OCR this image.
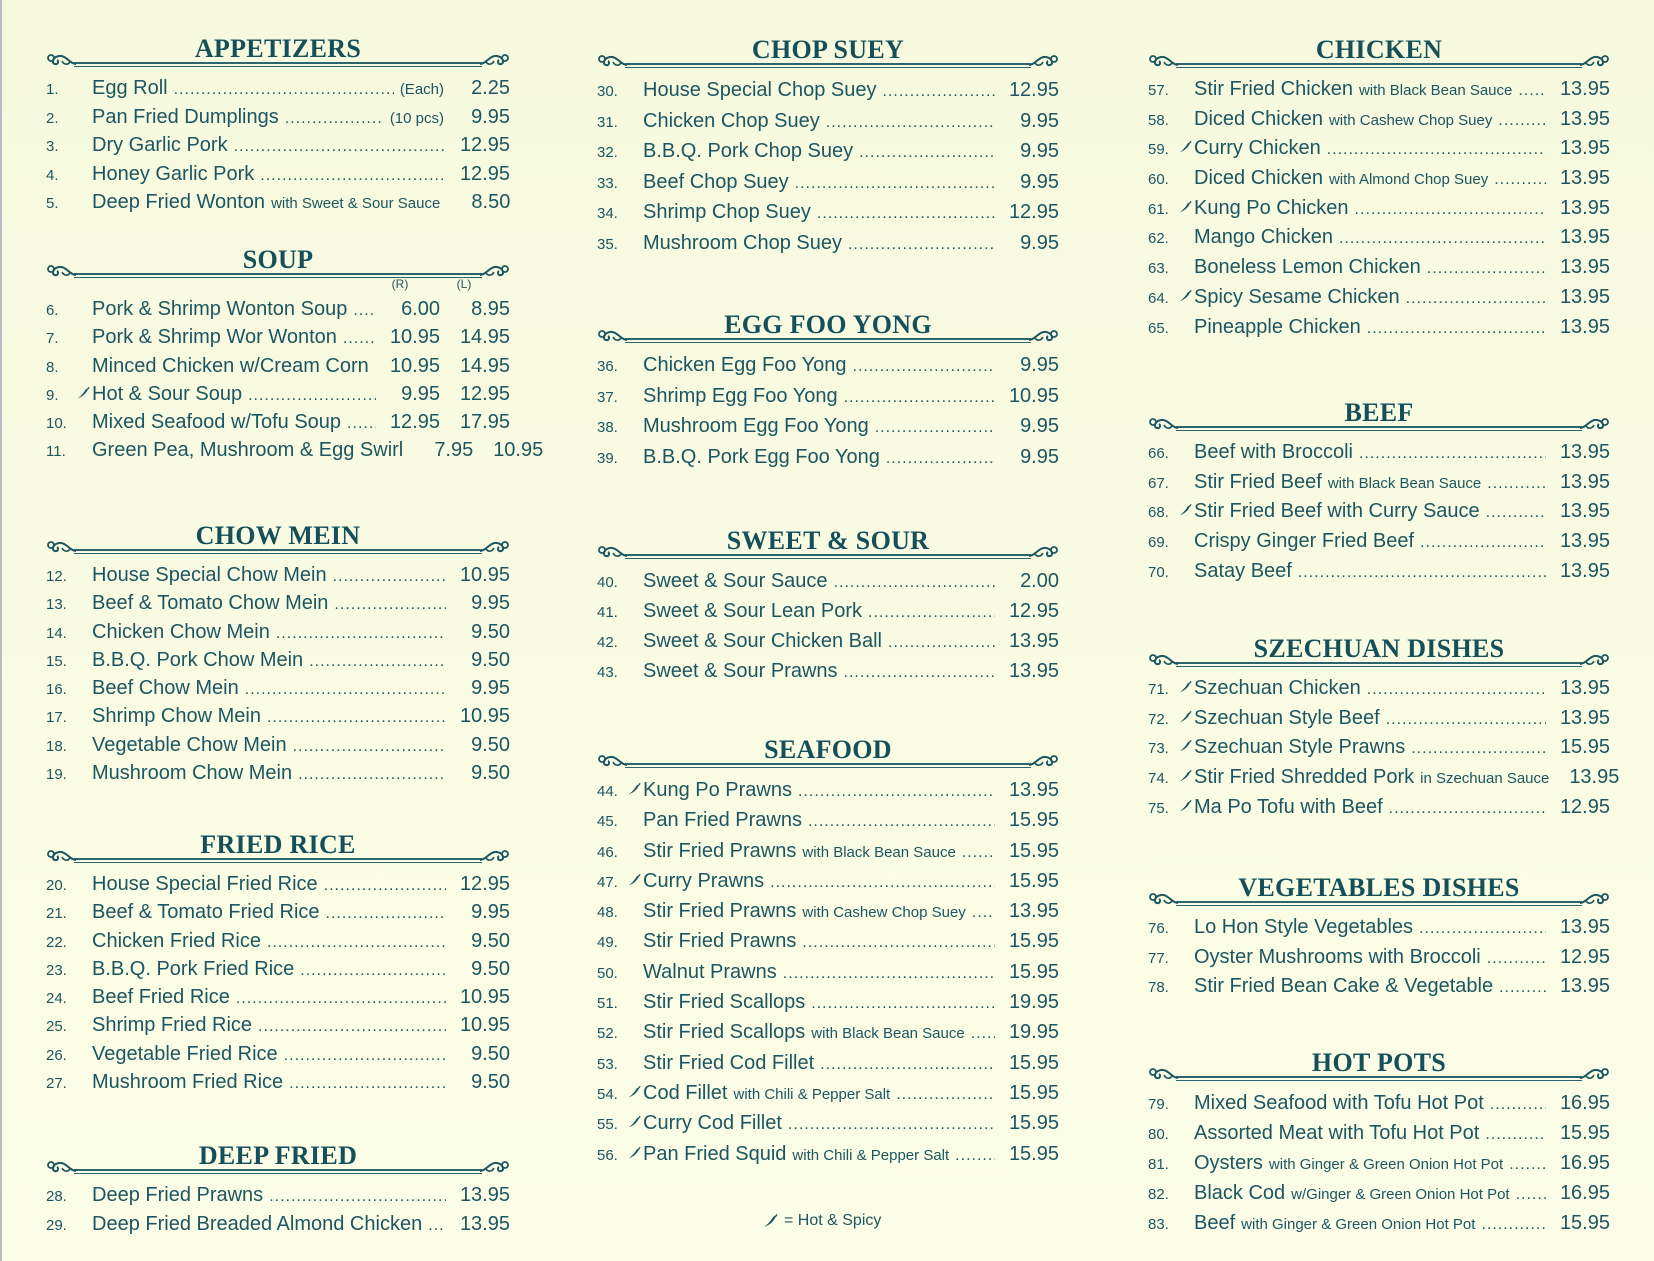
APPETIZERS
1.	Egg Roll .....	(Each)	2.25
2.	Pan Fried Dumplings .....	(10 pcs)	9.95
3.	Dry Garlic Pork .....	12.95
4.	Honey Garlic Pork .....	12.95
5.	Deep Fried Wonton with Sweet & Sour Sauce	8.50
SOUP
(R)	(L)
6.	Pork & Shrimp Wonton Soup .....	6.00	8.95
7.	Pork & Shrimp Wor Wonton .....	10.95 14.95
8.	Minced Chicken w/Cream Corn .....	10.95 14.95
9.	Hot & Sour Soup .....	9.95 12.95
10.	Mixed Seafood w/Tofu Soup .....	12.95 17.95
11.	Green Pea, Mushroom & Egg Swirl	7.95 10.95
CHOW MEIN
12.	House Special Chow Mein .....	10.95
13.	Beef & Tomato Chow Mein .....	9.95
14.	Chicken Chow Mein .....	9.50
15.	B.B.Q. Pork Chow Mein .....	9.50
16.	Beef Chow Mein .....	9.95
17.	Shrimp Chow Mein .....	10.95
18.	Vegetable Chow Mein .....	9.50
19.	Mushroom Chow Mein .....	9.50
FRIED RICE
20.	House Special Fried Rice .....	12.95
21.	Beef & Tomato Fried Rice .....	9.95
22.	Chicken Fried Rice .....	9.50
23.	B.B.Q. Pork Fried Rice .....	9.50
24.	Beef Fried Rice .....	10.95
25.	Shrimp Fried Rice .....	10.95
26.	Vegetable Fried Rice .....	9.50
27.	Mushroom Fried Rice .....	9.50
DEEP FRIED
28.	Deep Fried Prawns .....	13.95
29.	Deep Fried Breaded Almond Chicken .....	13.95
CHOP SUEY
30.	House Special Chop Suey .....	12.95
31.	Chicken Chop Suey .....	9.95
32.	B.B.Q. Pork Chop Suey .....	9.95
33.	Beef Chop Suey .....	9.95
34.	Shrimp Chop Suey .....	12.95
35.	Mushroom Chop Suey .....	9.95
EGG FOO YONG
36.	Chicken Egg Foo Yong .....	9.95
37.	Shrimp Egg Foo Yong .....	10.95
38.	Mushroom Egg Foo Yong .....	9.95
39.	B.B.Q. Pork Egg Foo Yong .....	9.95
SWEET & SOUR
40.	Sweet & Sour Sauce .....	2.00
41.	Sweet & Sour Lean Pork .....	12.95
42.	Sweet & Sour Chicken Ball .....	13.95
43.	Sweet & Sour Prawns .....	13.95
SEAFOOD
44.	Kung Po Prawns .....	13.95
45.	Pan Fried Prawns .....	15.95
46.	Stir Fried Prawns with Black Bean Sauce .....	15.95
47.	Curry Prawns .....	15.95
48.	Stir Fried Prawns with Cashew Chop Suey .....	13.95
49.	Stir Fried Prawns .....	15.95
50.	Walnut Prawns .....	15.95
51.	Stir Fried Scallops .....	19.95
52.	Stir Fried Scallops with Black Bean Sauce .....	19.95
53.	Stir Fried Cod Fillet .....	15.95
54.	Cod Fillet with Chili & Pepper Salt .....	15.95
55.	Curry Cod Fillet .....	15.95
56.	Pan Fried Squid with Chili & Pepper Salt .....	15.95
CHICKEN
57.	Stir Fried Chicken with Black Bean Sauce .....	13.95
58.	Diced Chicken with Cashew Chop Suey .....	13.95
59.	Curry Chicken .....	13.95
60.	Diced Chicken with Almond Chop Suey .....	13.95
61.	Kung Po Chicken .....	13.95
62.	Mango Chicken .....	13.95
63.	Boneless Lemon Chicken .....	13.95
64.	Spicy Sesame Chicken .....	13.95
65.	Pineapple Chicken .....	13.95
BEEF
66.	Beef with Broccoli .....	13.95
67.	Stir Fried Beef with Black Bean Sauce .....	13.95
68.	Stir Fried Beef with Curry Sauce .....	13.95
69.	Crispy Ginger Fried Beef .....	13.95
70.	Satay Beef .....	13.95
SZECHUAN DISHES
71.	Szechuan Chicken .....	13.95
72.	Szechuan Style Beef .....	13.95
73.	Szechuan Style Prawns .....	15.95
74.	Stir Fried Shredded Pork in Szechuan Sauce 13.95
75.	Ma Po Tofu with Beef .....	12.95
VEGETABLES DISHES
76.	Lo Hon Style Vegetables .....	13.95
77.	Oyster Mushrooms with Broccoli .....	12.95
78.	Stir Fried Bean Cake & Vegetable .....	13.95
HOT POTS
79.	Mixed Seafood with Tofu Hot Pot .....	16.95
80.	Assorted Meat with Tofu Hot Pot .....	15.95
81.	Oysters with Ginger & Green Onion Hot Pot .....	16.95
82.	Black Cod w/Ginger & Green Onion Hot Pot .....	16.95
83.	Beef with Ginger & Green Onion Hot Pot .....	15.95
= Hot & Spicy
